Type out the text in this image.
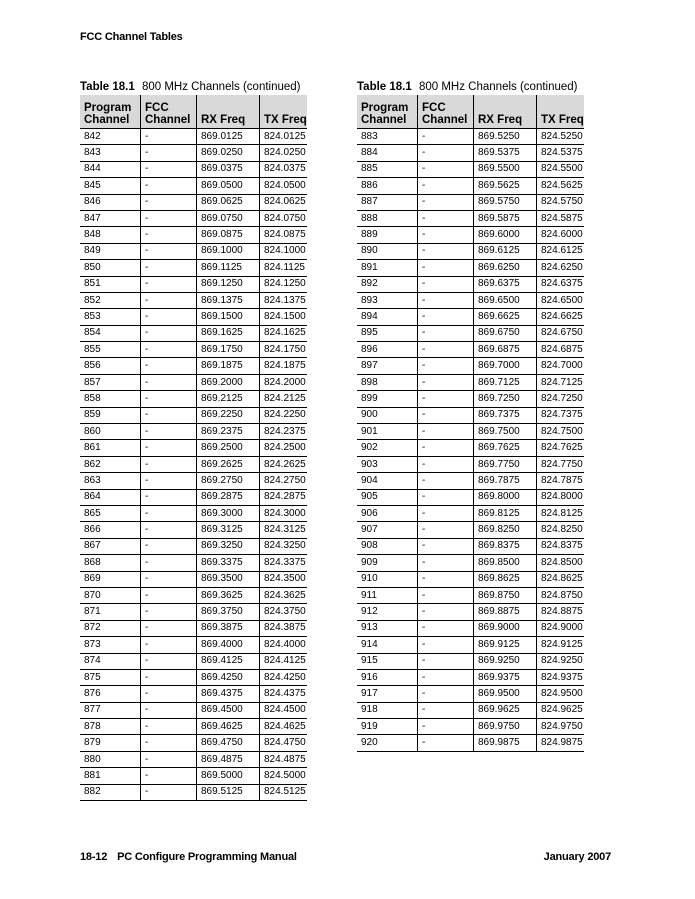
FCC Channel Tables
Table 18.1 800 MHz Channels (continued)
Program Channel	FCC Channel	RX Freq	TX Freq
842	-	869.0125	824.0125
843	-	869.0250	824.0250
844	-	869.0375	824.0375
845	-	869.0500	824.0500
846	-	869.0625	824.0625
847	-	869.0750	824.0750
848	-	869.0875	824.0875
849	-	869.1000	824.1000
850	-	869.1125	824.1125
851	-	869.1250	824.1250
852	-	869.1375	824.1375
853	-	869.1500	824.1500
854	-	869.1625	824.1625
855	-	869.1750	824.1750
856	-	869.1875	824.1875
857	-	869.2000	824.2000
858	-	869.2125	824.2125
859	-	869.2250	824.2250
860	-	869.2375	824.2375
861	-	869.2500	824.2500
862	-	869.2625	824.2625
863	-	869.2750	824.2750
864	-	869.2875	824.2875
865	-	869.3000	824.3000
866	-	869.3125	824.3125
867	-	869.3250	824.3250
868	-	869.3375	824.3375
869	-	869.3500	824.3500
870	-	869.3625	824.3625
871	-	869.3750	824.3750
872	-	869.3875	824.3875
873	-	869.4000	824.4000
874	-	869.4125	824.4125
875	-	869.4250	824.4250
876	-	869.4375	824.4375
877	-	869.4500	824.4500
878	-	869.4625	824.4625
879	-	869.4750	824.4750
880	-	869.4875	824.4875
881	-	869.5000	824.5000
882	-	869.5125	824.5125
Table 18.1 800 MHz Channels (continued)
Program Channel	FCC Channel	RX Freq	TX Freq
883	-	869.5250	824.5250
884	-	869.5375	824.5375
885	-	869.5500	824.5500
886	-	869.5625	824.5625
887	-	869.5750	824.5750
888	-	869.5875	824.5875
889	-	869.6000	824.6000
890	-	869.6125	824.6125
891	-	869.6250	824.6250
892	-	869.6375	824.6375
893	-	869.6500	824.6500
894	-	869.6625	824.6625
895	-	869.6750	824.6750
896	-	869.6875	824.6875
897	-	869.7000	824.7000
898	-	869.7125	824.7125
899	-	869.7250	824.7250
900	-	869.7375	824.7375
901	-	869.7500	824.7500
902	-	869.7625	824.7625
903	-	869.7750	824.7750
904	-	869.7875	824.7875
905	-	869.8000	824.8000
906	-	869.8125	824.8125
907	-	869.8250	824.8250
908	-	869.8375	824.8375
909	-	869.8500	824.8500
910	-	869.8625	824.8625
911	-	869.8750	824.8750
912	-	869.8875	824.8875
913	-	869.9000	824.9000
914	-	869.9125	824.9125
915	-	869.9250	824.9250
916	-	869.9375	824.9375
917	-	869.9500	824.9500
918	-	869.9625	824.9625
919	-	869.9750	824.9750
920	-	869.9875	824.9875
18-12 PC Configure Programming Manual	January 2007
